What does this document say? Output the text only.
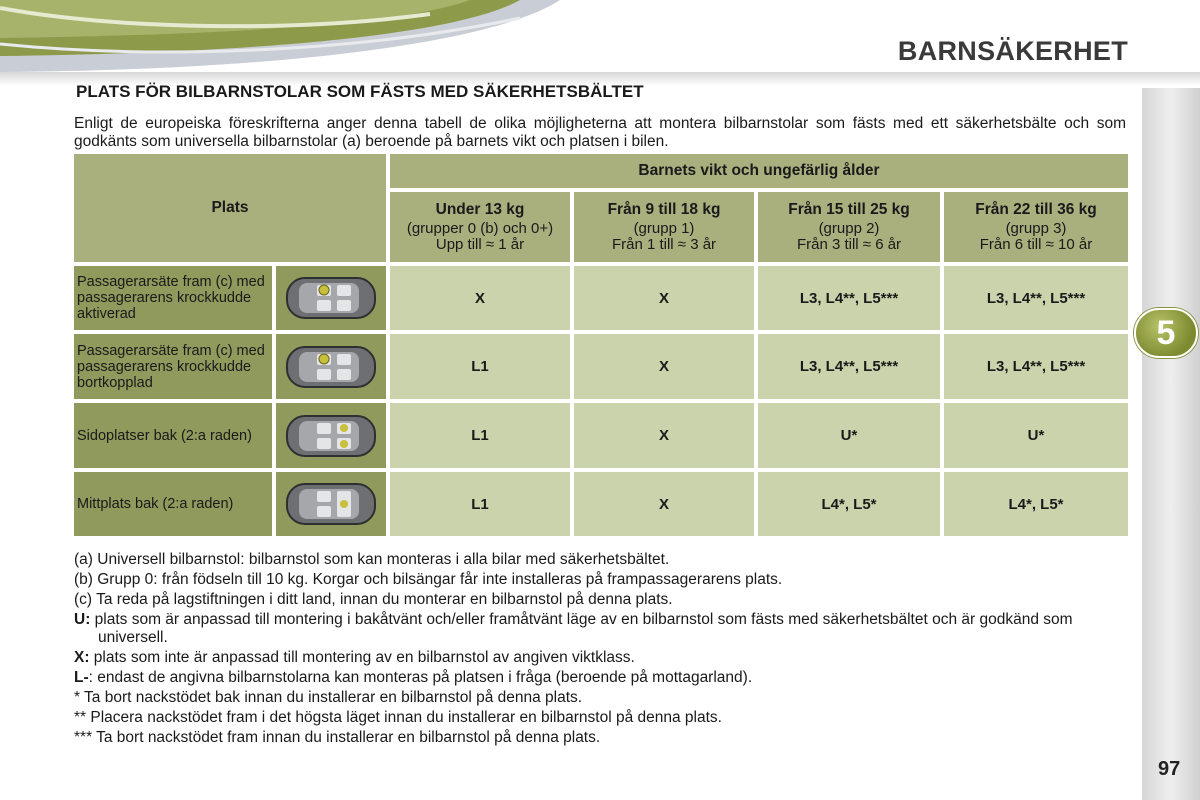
BARNSÄKERHET
5
97
PLATS FÖR BILBARNSTOLAR SOM FÄSTS MED SÄKERHETSBÄLTET
Enligt de europeiska föreskrifterna anger denna tabell de olika möjligheterna att montera bilbarnstolar som fästs med ett säkerhetsbälte och som godkänts som universella bilbarnstolar (a) beroende på barnets vikt och platsen i bilen.
Plats
Barnets vikt och ungefärlig ålder
Under 13 kg
(grupper 0 (b) och 0+)
Upp till ≈ 1 år
Från 9 till 18 kg
(grupp 1)
Från 1 till ≈ 3 år
Från 15 till 25 kg
(grupp 2)
Från 3 till ≈ 6 år
Från 22 till 36 kg
(grupp 3)
Från 6 till ≈ 10 år
Passagerarsäte fram (c) med passagerarens krockkudde aktiverad
X	X	L3, L4**, L5***	L3, L4**, L5***
Passagerarsäte fram (c) med passagerarens krockkudde bortkopplad
L1	X	L3, L4**, L5***	L3, L4**, L5***
Sidoplatser bak (2:a raden)	L1	X	U*	U*
Mittplats bak (2:a raden)	L1	X	L4*, L5*	L4*, L5*
(a) Universell bilbarnstol: bilbarnstol som kan monteras i alla bilar med säkerhetsbältet.
(b) Grupp 0: från födseln till 10 kg. Korgar och bilsängar får inte installeras på frampassagerarens plats.
(c) Ta reda på lagstiftningen i ditt land, innan du monterar en bilbarnstol på denna plats.
U: plats som är anpassad till montering i bakåtvänt och/eller framåtvänt läge av en bilbarnstol som fästs med säkerhetsbältet och är godkänd som universell.
X: plats som inte är anpassad till montering av en bilbarnstol av angiven viktklass.
L-: endast de angivna bilbarnstolarna kan monteras på platsen i fråga (beroende på mottagarland).
* Ta bort nackstödet bak innan du installerar en bilbarnstol på denna plats.
** Placera nackstödet fram i det högsta läget innan du installerar en bilbarnstol på denna plats.
*** Ta bort nackstödet fram innan du installerar en bilbarnstol på denna plats.
